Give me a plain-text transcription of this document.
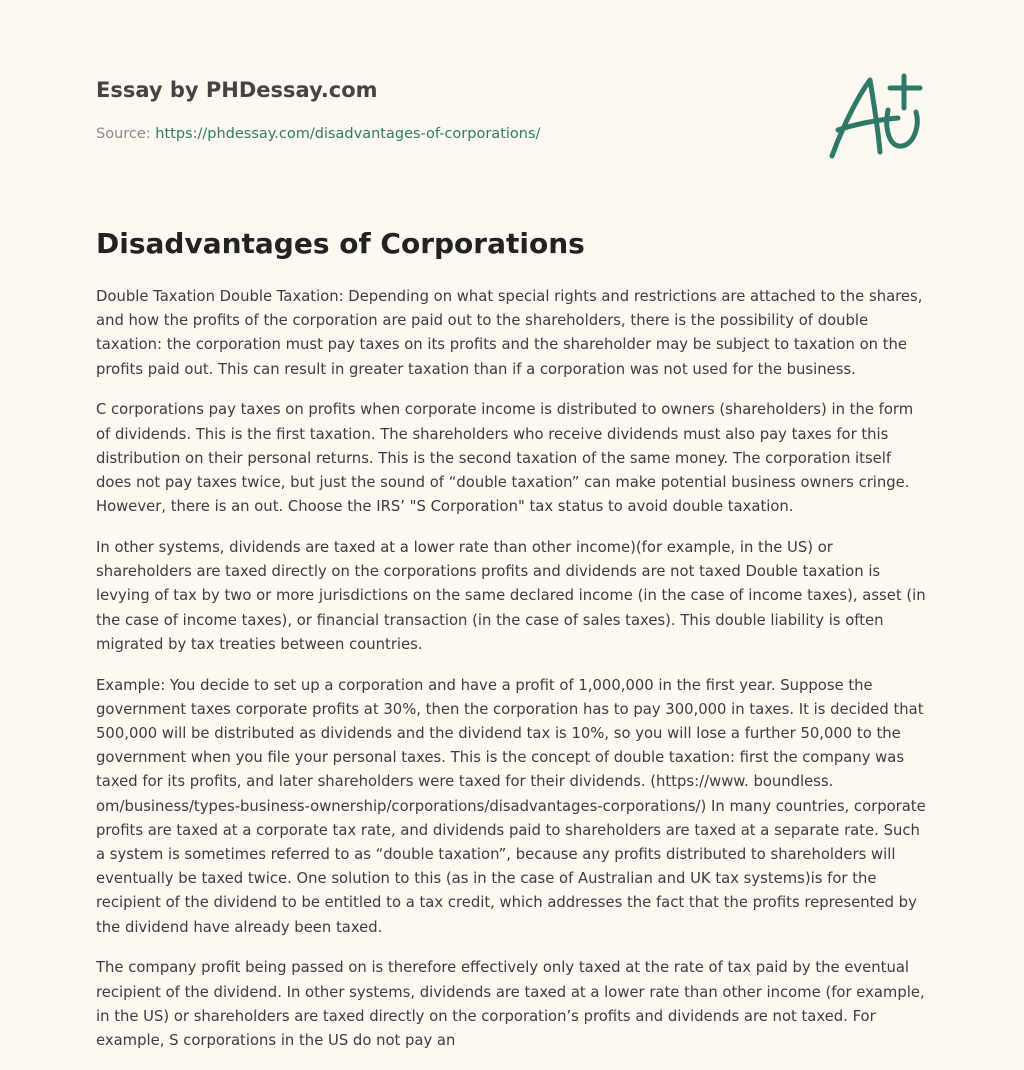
Essay by PHDessay.com
Source: https://phdessay.com/disadvantages-of-corporations/
Disadvantages of Corporations

Double Taxation Double Taxation: Depending on what special rights and restrictions are attached to the shares, and how the profits of the corporation are paid out to the shareholders, there is the possibility of double taxation: the corporation must pay taxes on its profits and the shareholder may be subject to taxation on the profits paid out. This can result in greater taxation than if a corporation was not used for the business.

C corporations pay taxes on profits when corporate income is distributed to owners (shareholders) in the form of dividends. This is the first taxation. The shareholders who receive dividends must also pay taxes for this distribution on their personal returns. This is the second taxation of the same money. The corporation itself does not pay taxes twice, but just the sound of “double taxation” can make potential business owners cringe. However, there is an out. Choose the IRS’ "S Corporation" tax status to avoid double taxation.

In other systems, dividends are taxed at a lower rate than other income)(for example, in the US) or shareholders are taxed directly on the corporations profits and dividends are not taxed Double taxation is levying of tax by two or more jurisdictions on the same declared income (in the case of income taxes), asset (in the case of income taxes), or financial transaction (in the case of sales taxes). This double liability is often migrated by tax treaties between countries.

Example: You decide to set up a corporation and have a profit of 1,000,000 in the first year. Suppose the government taxes corporate profits at 30%, then the corporation has to pay 300,000 in taxes. It is decided that 500,000 will be distributed as dividends and the dividend tax is 10%, so you will lose a further 50,000 to the government when you file your personal taxes. This is the concept of double taxation: first the company was taxed for its profits, and later shareholders were taxed for their dividends. (https://www. boundless. om/business/types-business-ownership/corporations/disadvantages-corporations/) In many countries, corporate profits are taxed at a corporate tax rate, and dividends paid to shareholders are taxed at a separate rate. Such a system is sometimes referred to as “double taxation”, because any profits distributed to shareholders will eventually be taxed twice. One solution to this (as in the case of Australian and UK tax systems)is for the recipient of the dividend to be entitled to a tax credit, which addresses the fact that the profits represented by the dividend have already been taxed.

The company profit being passed on is therefore effectively only taxed at the rate of tax paid by the eventual recipient of the dividend. In other systems, dividends are taxed at a lower rate than other income (for example, in the US) or shareholders are taxed directly on the corporation’s profits and dividends are not taxed. For example, S corporations in the US do not pay an
